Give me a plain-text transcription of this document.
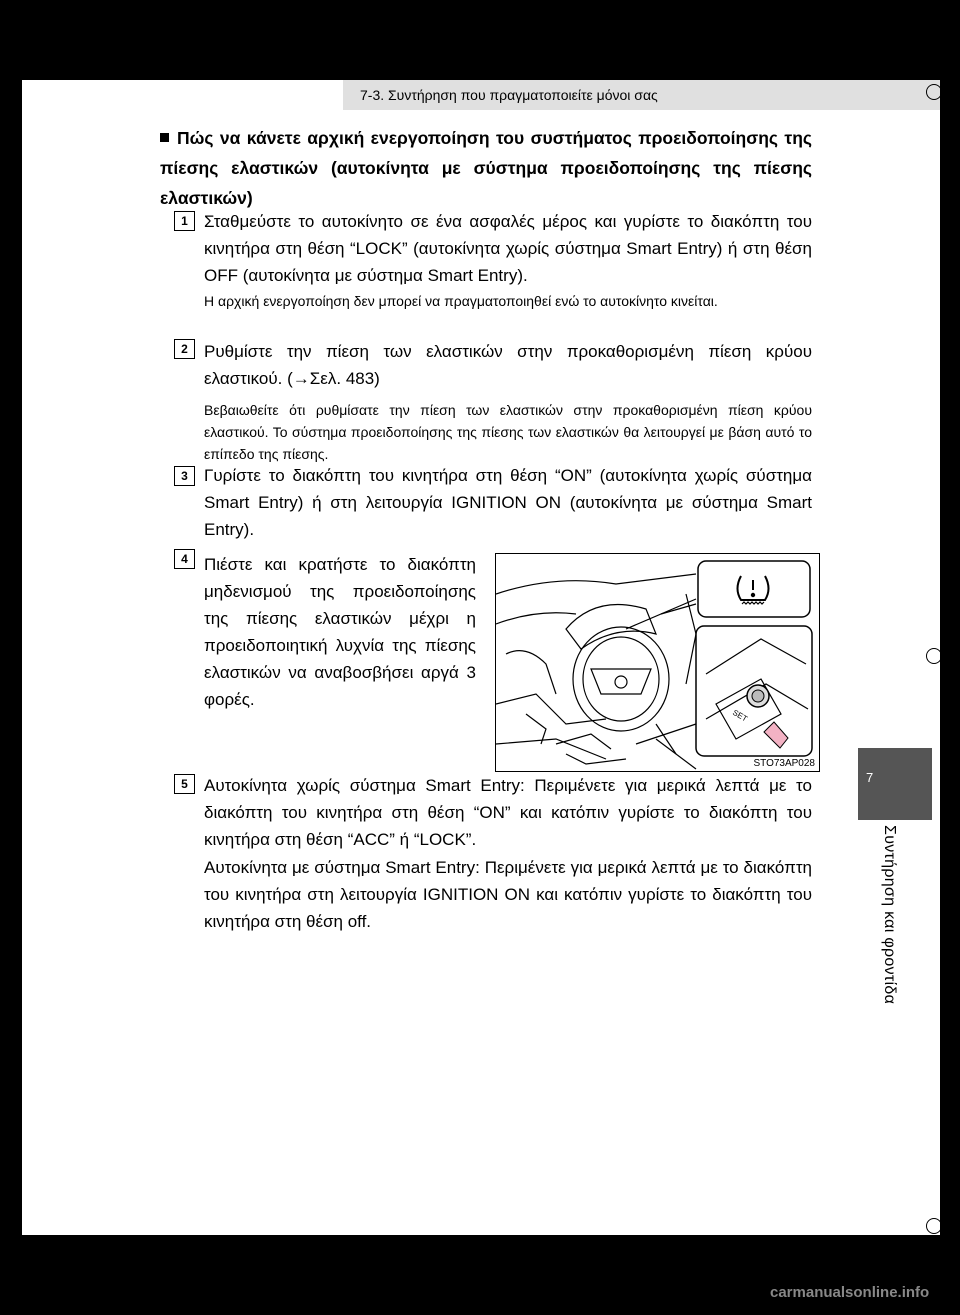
7-3. Συντήρηση που πραγματοποιείτε μόνοι σας
7
Συντήρηση και φροντίδα
Πώς να κάνετε αρχική ενεργοποίηση του συστήματος προειδοποίησης της πίεσης ελαστικών (αυτοκίνητα με σύστημα προειδοποίησης της πίεσης ελαστικών)
1 Σταθμεύστε το αυτοκίνητο σε ένα ασφαλές μέρος και γυρίστε το διακόπτη του κινητήρα στη θέση “LOCK” (αυτοκίνητα χωρίς σύστημα Smart Entry) ή στη θέση OFF (αυτοκίνητα με σύστημα Smart Entry).
Η αρχική ενεργοποίηση δεν μπορεί να πραγματοποιηθεί ενώ το αυτοκίνητο κινείται.
2 Ρυθμίστε την πίεση των ελαστικών στην προκαθορισμένη πίεση κρύου ελαστικού. (→Σελ. 483)
Βεβαιωθείτε ότι ρυθμίσατε την πίεση των ελαστικών στην προκαθορισμένη πίεση κρύου ελαστικού. Το σύστημα προειδοποίησης της πίεσης των ελαστικών θα λειτουργεί με βάση αυτό το επίπεδο της πίεσης.
3 Γυρίστε το διακόπτη του κινητήρα στη θέση “ON” (αυτοκίνητα χωρίς σύστημα Smart Entry) ή στη λειτουργία IGNITION ON (αυτοκίνητα με σύστημα Smart Entry).
4 Πιέστε και κρατήστε το διακόπτη μηδενισμού της προειδοποίησης της πίεσης ελαστικών μέχρι η προειδοποιητική λυχνία της πίεσης ελαστικών να αναβοσβήσει αργά 3 φορές.
SET
STO73AP028
5 Αυτοκίνητα χωρίς σύστημα Smart Entry: Περιμένετε για μερικά λεπτά με το διακόπτη του κινητήρα στη θέση “ON” και κατόπιν γυρίστε το διακόπτη του κινητήρα στη θέση “ACC” ή “LOCK”.
Αυτοκίνητα με σύστημα Smart Entry: Περιμένετε για μερικά λεπτά με το διακόπτη του κινητήρα στη λειτουργία IGNITION ON και κατόπιν γυρίστε το διακόπτη του κινητήρα στη θέση off.
carmanualsonline.info
